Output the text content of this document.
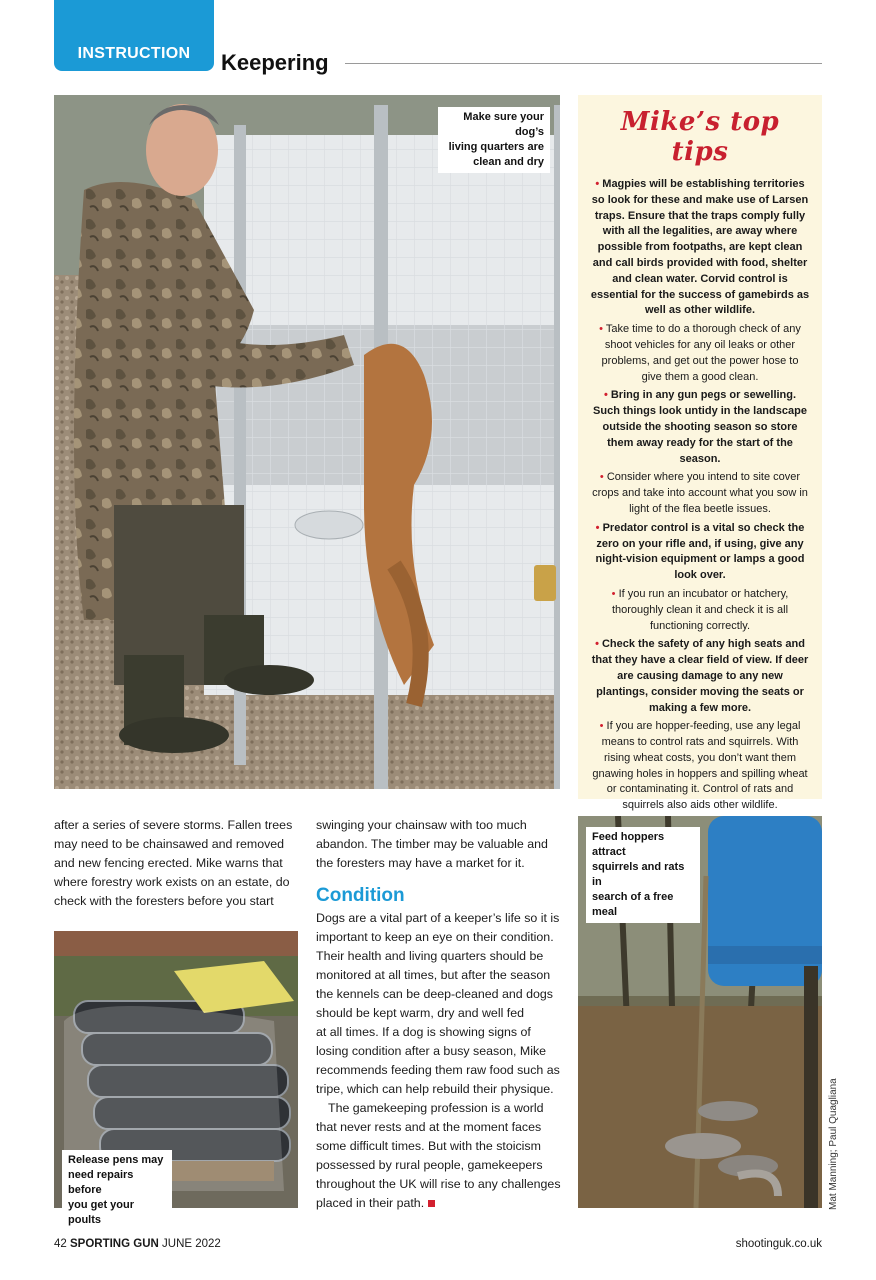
INSTRUCTION	Keepering
Make sure your dog’s
living quarters are
clean and dry
Mike’s top tips
• Magpies will be establishing territories so look for these and make use of Larsen traps. Ensure that the traps comply fully with all the legalities, are away where possible from footpaths, are kept clean and call birds provided with food, shelter and clean water. Corvid control is essential for the success of gamebirds as well as other wildlife.
• Take time to do a thorough check of any shoot vehicles for any oil leaks or other problems, and get out the power hose to give them a good clean.
• Bring in any gun pegs or sewelling. Such things look untidy in the landscape outside the shooting season so store them away ready for the start of the season.
• Consider where you intend to site cover crops and take into account what you sow in light of the flea beetle issues.
• Predator control is a vital so check the zero on your rifle and, if using, give any night-vision equipment or lamps a good look over.
• If you run an incubator or hatchery, thoroughly clean it and check it is all functioning correctly.
• Check the safety of any high seats and that they have a clear field of view. If deer are causing damage to any new plantings, consider moving the seats or making a few more.
• If you are hopper-feeding, use any legal means to control rats and squirrels. With rising wheat costs, you don’t want them gnawing holes in hoppers and spilling wheat or contaminating it. Control of rats and squirrels also aids other wildlife.
after a series of severe storms. Fallen trees
may need to be chainsawed and removed
and new fencing erected. Mike warns that
where forestry work exists on an estate, do
check with the foresters before you start
Release pens may
need repairs before
you get your poults
swinging your chainsaw with too much
abandon. The timber may be valuable and
the foresters may have a market for it.
Condition
Dogs are a vital part of a keeper’s life so it is
important to keep an eye on their condition.
Their health and living quarters should be
monitored at all times, but after the season
the kennels can be deep-cleaned and dogs
should be kept warm, dry and well fed
at all times. If a dog is showing signs of
losing condition after a busy season, Mike
recommends feeding them raw food such as
tripe, which can help rebuild their physique.
The gamekeeping profession is a world
that never rests and at the moment faces
some difficult times. But with the stoicism
possessed by rural people, gamekeepers
throughout the UK will rise to any challenges
placed in their path.
Feed hoppers attract
squirrels and rats in
search of a free meal
Mat Manning; Paul Quagliana
42 SPORTING GUN JUNE 2022	shootinguk.co.uk
